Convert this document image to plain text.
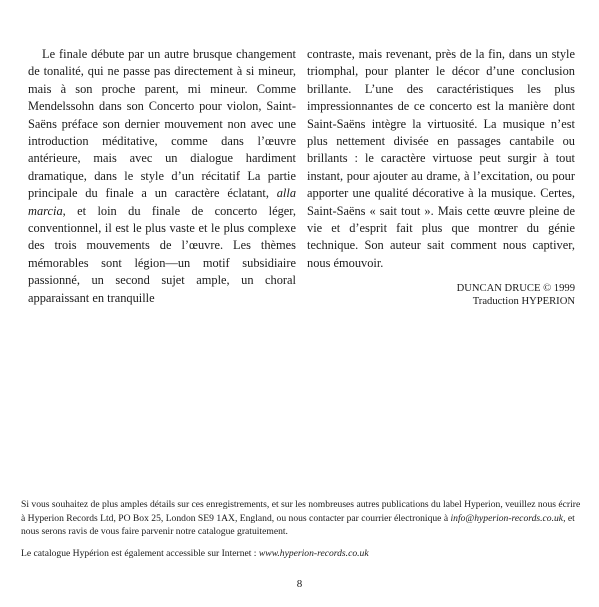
Le finale débute par un autre brusque changement de tonalité, qui ne passe pas directement à si mineur, mais à son proche parent, mi mineur. Comme Mendelssohn dans son Concerto pour violon, Saint-Saëns préface son dernier mouvement non avec une introduction méditative, comme dans l’œuvre antérieure, mais avec un dialogue hardiment dramatique, dans le style d’un récitatif La partie principale du finale a un caractère éclatant, alla marcia, et loin du finale de concerto léger, conventionnel, il est le plus vaste et le plus complexe des trois mouvements de l’œuvre. Les thèmes mémorables sont légion—un motif subsidiaire passionné, un second sujet ample, un choral apparaissant en tranquille

contraste, mais revenant, près de la fin, dans un style triomphal, pour planter le décor d’une conclusion brillante. L’une des caractéristiques les plus impressionnantes de ce concerto est la manière dont Saint-Saëns intègre la virtuosité. La musique n’est plus nettement divisée en passages cantabile ou brillants : le caractère virtuose peut surgir à tout instant, pour ajouter au drame, à l’excitation, ou pour apporter une qualité décorative à la musique. Certes, Saint-Saëns « sait tout ». Mais cette œuvre pleine de vie et d’esprit fait plus que montrer du génie technique. Son auteur sait comment nous captiver, nous émouvoir.

DUNCAN DRUCE © 1999
Traduction HYPERION

Si vous souhaitez de plus amples détails sur ces enregistrements, et sur les nombreuses autres publications du label Hyperion, veuillez nous écrire à Hyperion Records Ltd, PO Box 25, London SE9 1AX, England, ou nous contacter par courrier électronique à info@hyperion-records.co.uk, et nous serons ravis de vous faire parvenir notre catalogue gratuitement.

Le catalogue Hypérion est également accessible sur Internet : www.hyperion-records.co.uk

8
